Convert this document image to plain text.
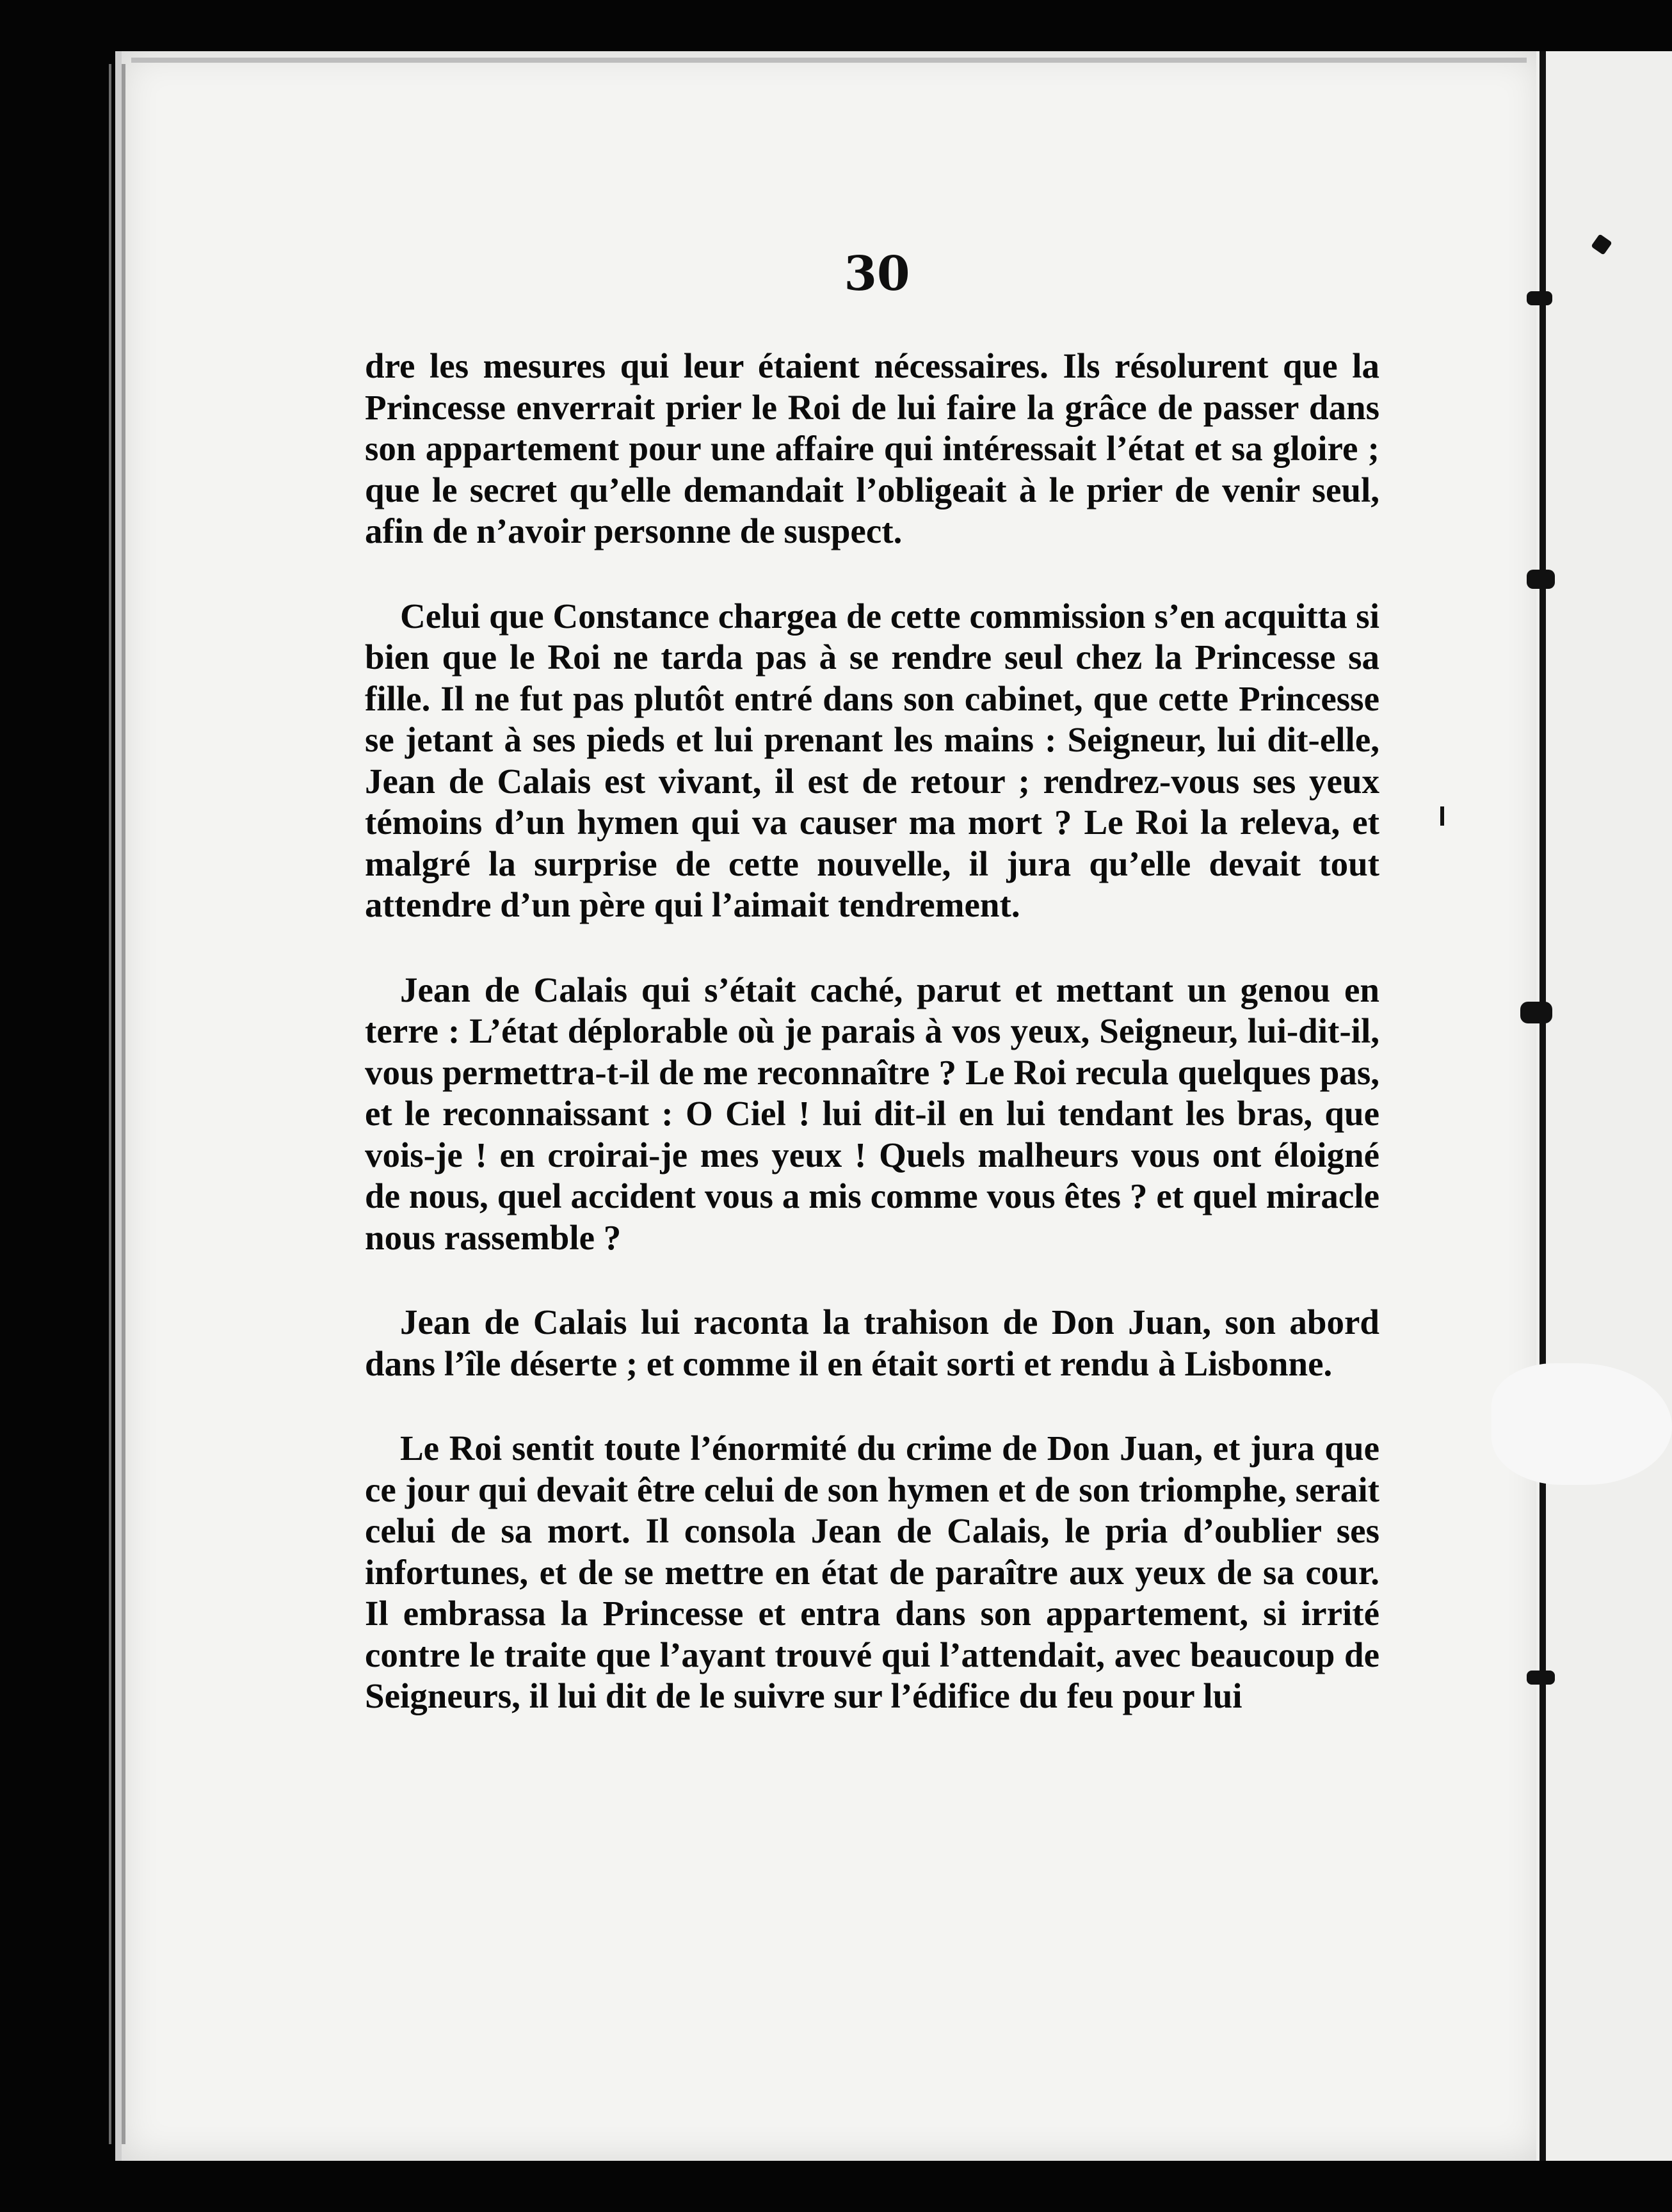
30

dre les mesures qui leur étaient nécessaires. Ils résolurent que la Princesse enverrait prier le Roi de lui faire la grâce de passer dans son appartement pour une affaire qui intéressait l’état et sa gloire ; que le secret qu’elle demandait l’obligeait à le prier de venir seul, afin de n’avoir personne de suspect.

Celui que Constance chargea de cette commission s’en acquitta si bien que le Roi ne tarda pas à se rendre seul chez la Princesse sa fille. Il ne fut pas plutôt entré dans son cabinet, que cette Princesse se jetant à ses pieds et lui prenant les mains : Seigneur, lui dit-elle, Jean de Calais est vivant, il est de retour ; rendrez-vous ses yeux témoins d’un hymen qui va causer ma mort ? Le Roi la releva, et malgré la surprise de cette nouvelle, il jura qu’elle devait tout attendre d’un père qui l’aimait tendrement.

Jean de Calais qui s’était caché, parut et mettant un genou en terre : L’état déplorable où je parais à vos yeux, Seigneur, lui-dit-il, vous permettra-t-il de me reconnaître ? Le Roi recula quelques pas, et le reconnaissant : O Ciel ! lui dit-il en lui tendant les bras, que vois-je ! en croirai-je mes yeux ! Quels malheurs vous ont éloigné de nous, quel accident vous a mis comme vous êtes ? et quel miracle nous rassemble ?

Jean de Calais lui raconta la trahison de Don Juan, son abord dans l’île déserte ; et comme il en était sorti et rendu à Lisbonne.

Le Roi sentit toute l’énormité du crime de Don Juan, et jura que ce jour qui devait être celui de son hymen et de son triomphe, serait celui de sa mort. Il consola Jean de Calais, le pria d’oublier ses infortunes, et de se mettre en état de paraître aux yeux de sa cour. Il embrassa la Princesse et entra dans son appartement, si irrité contre le traite que l’ayant trouvé qui l’attendait, avec beaucoup de Seigneurs, il lui dit de le suivre sur l’édifice du feu pour lui
